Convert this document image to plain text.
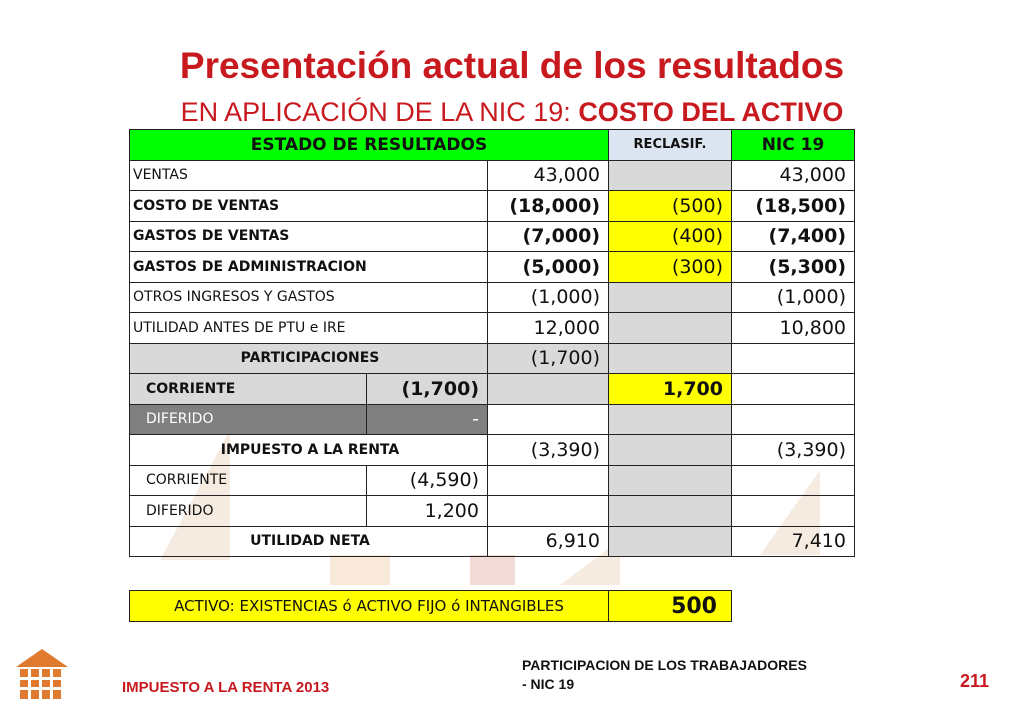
Presentación actual de los resultados
EN APLICACIÓN DE LA NIC 19: COSTO DEL ACTIVO
ESTADO DE RESULTADOS			RECLASIF.	NIC 19
VENTAS		43,000		43,000
COSTO DE VENTAS		(18,000)	(500)	(18,500)
GASTOS DE VENTAS		(7,000)	(400)	(7,400)
GASTOS DE ADMINISTRACION		(5,000)	(300)	(5,300)
OTROS INGRESOS Y GASTOS		(1,000)		(1,000)
UTILIDAD ANTES DE PTU e IRE		12,000		10,800
PARTICIPACIONES		(1,700)		
CORRIENTE	(1,700)		1,700	
DIFERIDO	-			
IMPUESTO A LA RENTA		(3,390)		(3,390)
CORRIENTE	(4,590)			
DIFERIDO	1,200			
UTILIDAD NETA		6,910		7,410
ACTIVO: EXISTENCIAS ó ACTIVO FIJO ó INTANGIBLES	500
IMPUESTO A LA RENTA 2013
PARTICIPACION DE LOS TRABAJADORES
- NIC 19	211
